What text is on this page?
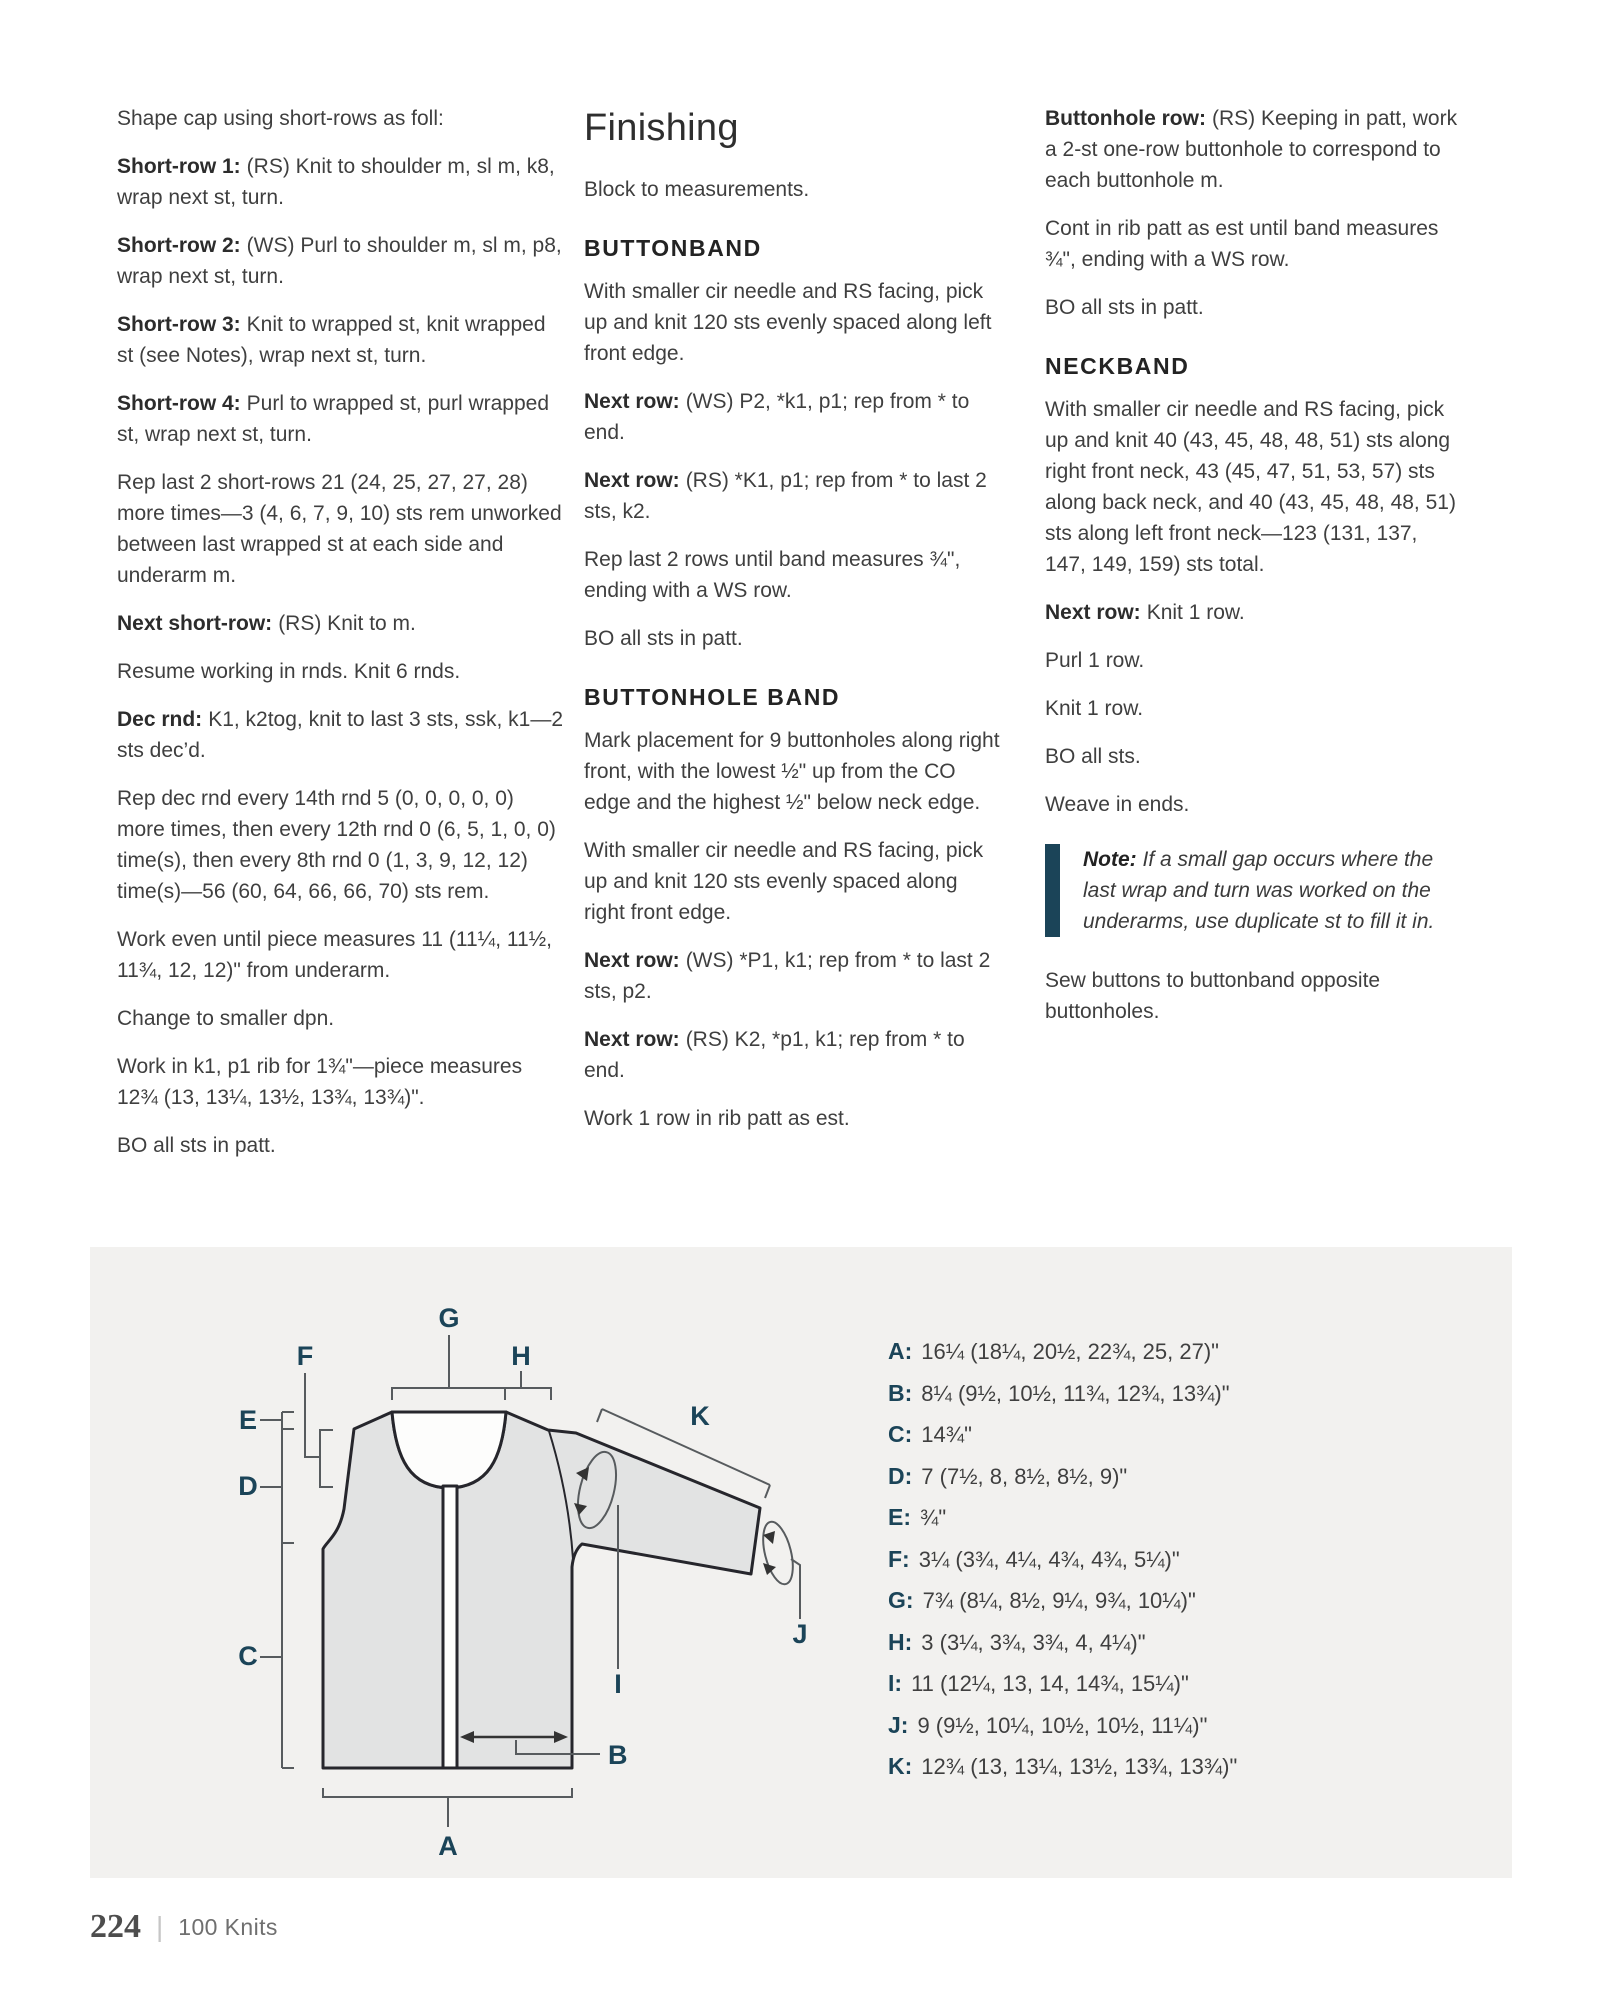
Shape cap using short-rows as foll:

Short-row 1: (RS) Knit to shoulder m, sl m, k8, wrap next st, turn.

Short-row 2: (WS) Purl to shoulder m, sl m, p8, wrap next st, turn.

Short-row 3: Knit to wrapped st, knit wrapped st (see Notes), wrap next st, turn.

Short-row 4: Purl to wrapped st, purl wrapped st, wrap next st, turn.

Rep last 2 short-rows 21 (24, 25, 27, 27, 28) more times—3 (4, 6, 7, 9, 10) sts rem unworked between last wrapped st at each side and underarm m.

Next short-row: (RS) Knit to m.

Resume working in rnds. Knit 6 rnds.

Dec rnd: K1, k2tog, knit to last 3 sts, ssk, k1—2 sts dec’d.

Rep dec rnd every 14th rnd 5 (0, 0, 0, 0, 0) more times, then every 12th rnd 0 (6, 5, 1, 0, 0) time(s), then every 8th rnd 0 (1, 3, 9, 12, 12) time(s)—56 (60, 64, 66, 66, 70) sts rem.

Work even until piece measures 11 (11¼, 11½, 11¾, 12, 12)" from underarm.

Change to smaller dpn.

Work in k1, p1 rib for 1¾"—piece measures 12¾ (13, 13¼, 13½, 13¾, 13¾)".

BO all sts in patt.

Finishing

Block to measurements.

BUTTONBAND

With smaller cir needle and RS facing, pick up and knit 120 sts evenly spaced along left front edge.

Next row: (WS) P2, *k1, p1; rep from * to end.

Next row: (RS) *K1, p1; rep from * to last 2 sts, k2.

Rep last 2 rows until band measures ¾", ending with a WS row.

BO all sts in patt.

BUTTONHOLE BAND

Mark placement for 9 buttonholes along right front, with the lowest ½" up from the CO edge and the highest ½" below neck edge.

With smaller cir needle and RS facing, pick up and knit 120 sts evenly spaced along right front edge.

Next row: (WS) *P1, k1; rep from * to last 2 sts, p2.

Next row: (RS) K2, *p1, k1; rep from * to end.

Work 1 row in rib patt as est.

Buttonhole row: (RS) Keeping in patt, work a 2-st one-row buttonhole to correspond to each buttonhole m.

Cont in rib patt as est until band measures ¾", ending with a WS row.

BO all sts in patt.

NECKBAND

With smaller cir needle and RS facing, pick up and knit 40 (43, 45, 48, 48, 51) sts along right front neck, 43 (45, 47, 51, 53, 57) sts along back neck, and 40 (43, 45, 48, 48, 51) sts along left front neck—123 (131, 137, 147, 149, 159) sts total.

Next row: Knit 1 row.

Purl 1 row.

Knit 1 row.

BO all sts.

Weave in ends.

Note: If a small gap occurs where the last wrap and turn was worked on the underarms, use duplicate st to fill it in.

Sew buttons to buttonband opposite buttonholes.

G
H
F
E
D
C
A
B
K
I
J
A: 16¼ (18¼, 20½, 22¾, 25, 27)"
B: 8¼ (9½, 10½, 11¾, 12¾, 13¾)"
C: 14¾"
D: 7 (7½, 8, 8½, 8½, 9)"
E: ¾"
F: 3¼ (3¾, 4¼, 4¾, 4¾, 5¼)"
G: 7¾ (8¼, 8½, 9¼, 9¾, 10¼)"
H: 3 (3¼, 3¾, 3¾, 4, 4¼)"
I: 11 (12¼, 13, 14, 14¾, 15¼)"
J: 9 (9½, 10¼, 10½, 10½, 11¼)"
K: 12¾ (13, 13¼, 13½, 13¾, 13¾)"
224 | 100 Knits
